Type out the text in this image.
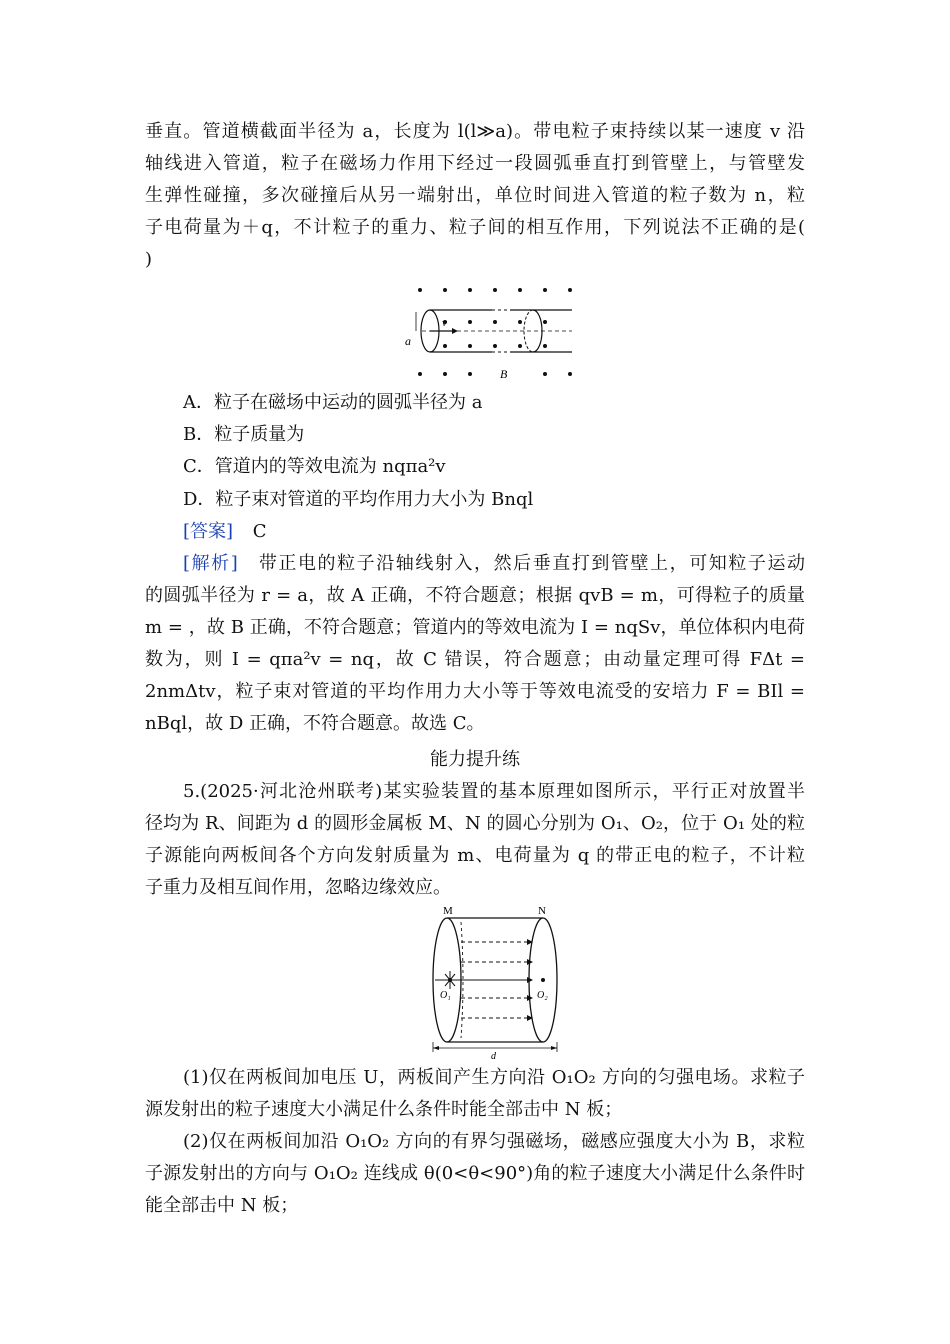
垂直。管道横截面半径为 a，长度为 l(l≫a)。带电粒子束持续以某一速度 v 沿
轴线进入管道，粒子在磁场力作用下经过一段圆弧垂直打到管壁上，与管壁发
生弹性碰撞，多次碰撞后从另一端射出，单位时间进入管道的粒子数为 n，粒
子电荷量为＋q，不计粒子的重力、粒子间的相互作用，下列说法不正确的是(
)
v
a
B
A．粒子在磁场中运动的圆弧半径为 a
B．粒子质量为
C．管道内的等效电流为 nqπa²v
D．粒子束对管道的平均作用力大小为 Bnql
[答案] C
[解析]　 带正电的粒子沿轴线射入，然后垂直打到管壁上，可知粒子运动
的圆弧半径为 r = a，故 A 正确，不符合题意；根据 qvB = m，可得粒子的质量
m = ，故 B 正确，不符合题意；管道内的等效电流为 I = nqSv，单位体积内电荷
数为，则 I = qπa²v = nq，故 C 错误，符合题意；由动量定理可得 FΔt =
2nmΔtv，粒子束对管道的平均作用力大小等于等效电流受的安培力 F = BIl =
nBql，故 D 正确，不符合题意。故选 C。
能力提升练
5.(2025·河北沧州联考)某实验装置的基本原理如图所示，平行正对放置半
径均为 R、间距为 d 的圆形金属板 M、N 的圆心分别为 O₁、O₂，位于 O₁ 处的粒
子源能向两板间各个方向发射质量为 m、电荷量为 q 的带正电的粒子，不计粒
子重力及相互间作用，忽略边缘效应。
M	N
O₁	O₂
d
(1)仅在两板间加电压 U，两板间产生方向沿 O₁O₂ 方向的匀强电场。求粒子
源发射出的粒子速度大小满足什么条件时能全部击中 N 板；
(2)仅在两板间加沿 O₁O₂ 方向的有界匀强磁场，磁感应强度大小为 B，求粒
子源发射出的方向与 O₁O₂ 连线成 θ(0<θ<90°)角的粒子速度大小满足什么条件时
能全部击中 N 板；
